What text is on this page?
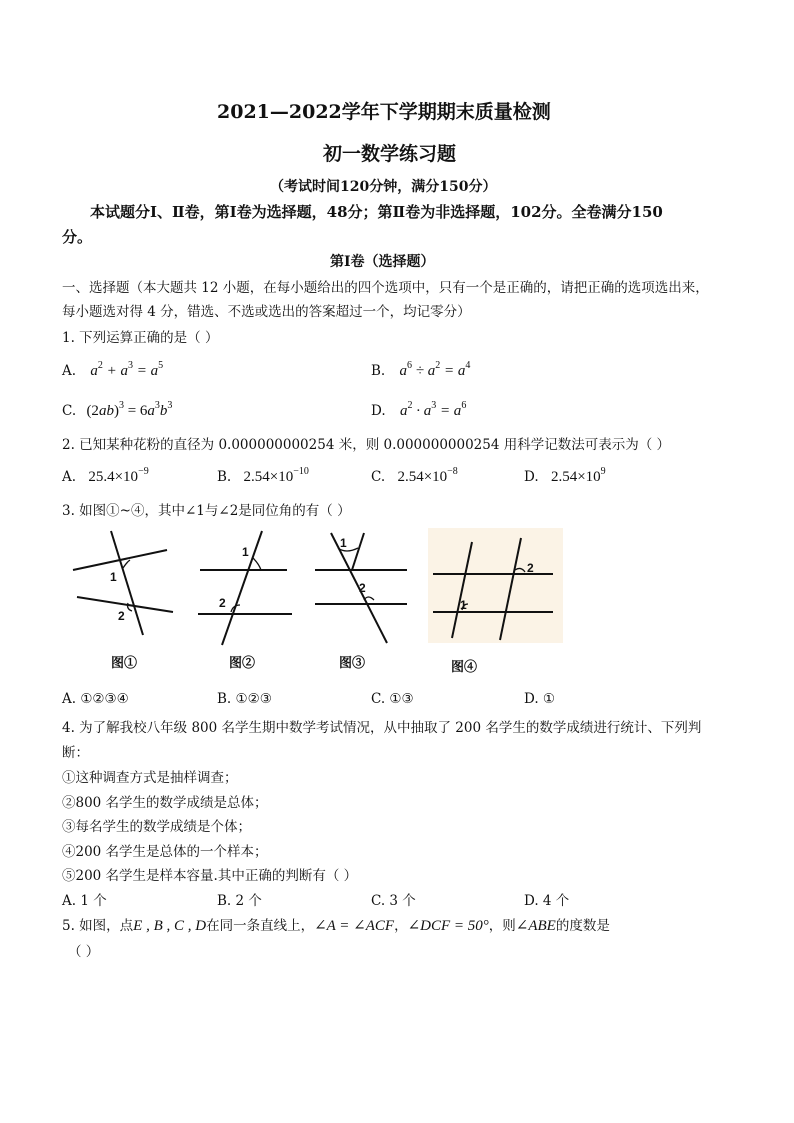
2021—2022学年下学期期末质量检测
初一数学练习题
（考试时间120分钟，满分150分）
本试题分Ⅰ、Ⅱ卷，第Ⅰ卷为选择题，48分；第Ⅱ卷为非选择题，102分。全卷满分150
分。
第Ⅰ卷（选择题）
一、选择题（本大题共 12 小题，在每小题给出的四个选项中，只有一个是正确的，请把正确的选项选出来，
每小题选对得 4 分，错选、不选或选出的答案超过一个，均记零分）
1. 下列运算正确的是（ ）
A. $a^2 + a^3 = a^5$	B. $a^6 \div a^2 = a^4$
C. $(2ab)^3 = 6a^3b^3$	D. $a^2 \cdot a^3 = a^6$
2. 已知某种花粉的直径为 0.000000000254 米，则 0.000000000254 用科学记数法可表示为（ ）
A. $25.4\times 10^{-9}$	B. $2.54\times 10^{-10}$	C. $2.54\times 10^{-8}$	D. $2.54\times 10^9$
3. 如图①~④，其中∠1与∠2是同位角的有（ ）
1
2
图①
1
2
图②
1
2
图③
1
2
图④
A. ①②③④	B. ①②③	C. ①③	D. ①
4. 为了解我校八年级 800 名学生期中数学考试情况，从中抽取了 200 名学生的数学成绩进行统计、下列判
断：
①这种调查方式是抽样调查；
②800 名学生的数学成绩是总体；
③每名学生的数学成绩是个体；
④200 名学生是总体的一个样本；
⑤200 名学生是样本容量.其中正确的判断有（ ）
A. 1 个	B. 2 个	C. 3 个	D. 4 个
5. 如图，点E , B , C , D在同一条直线上，∠A = ∠ACF，∠DCF = 50°，则∠ABE的度数是
（ ）
